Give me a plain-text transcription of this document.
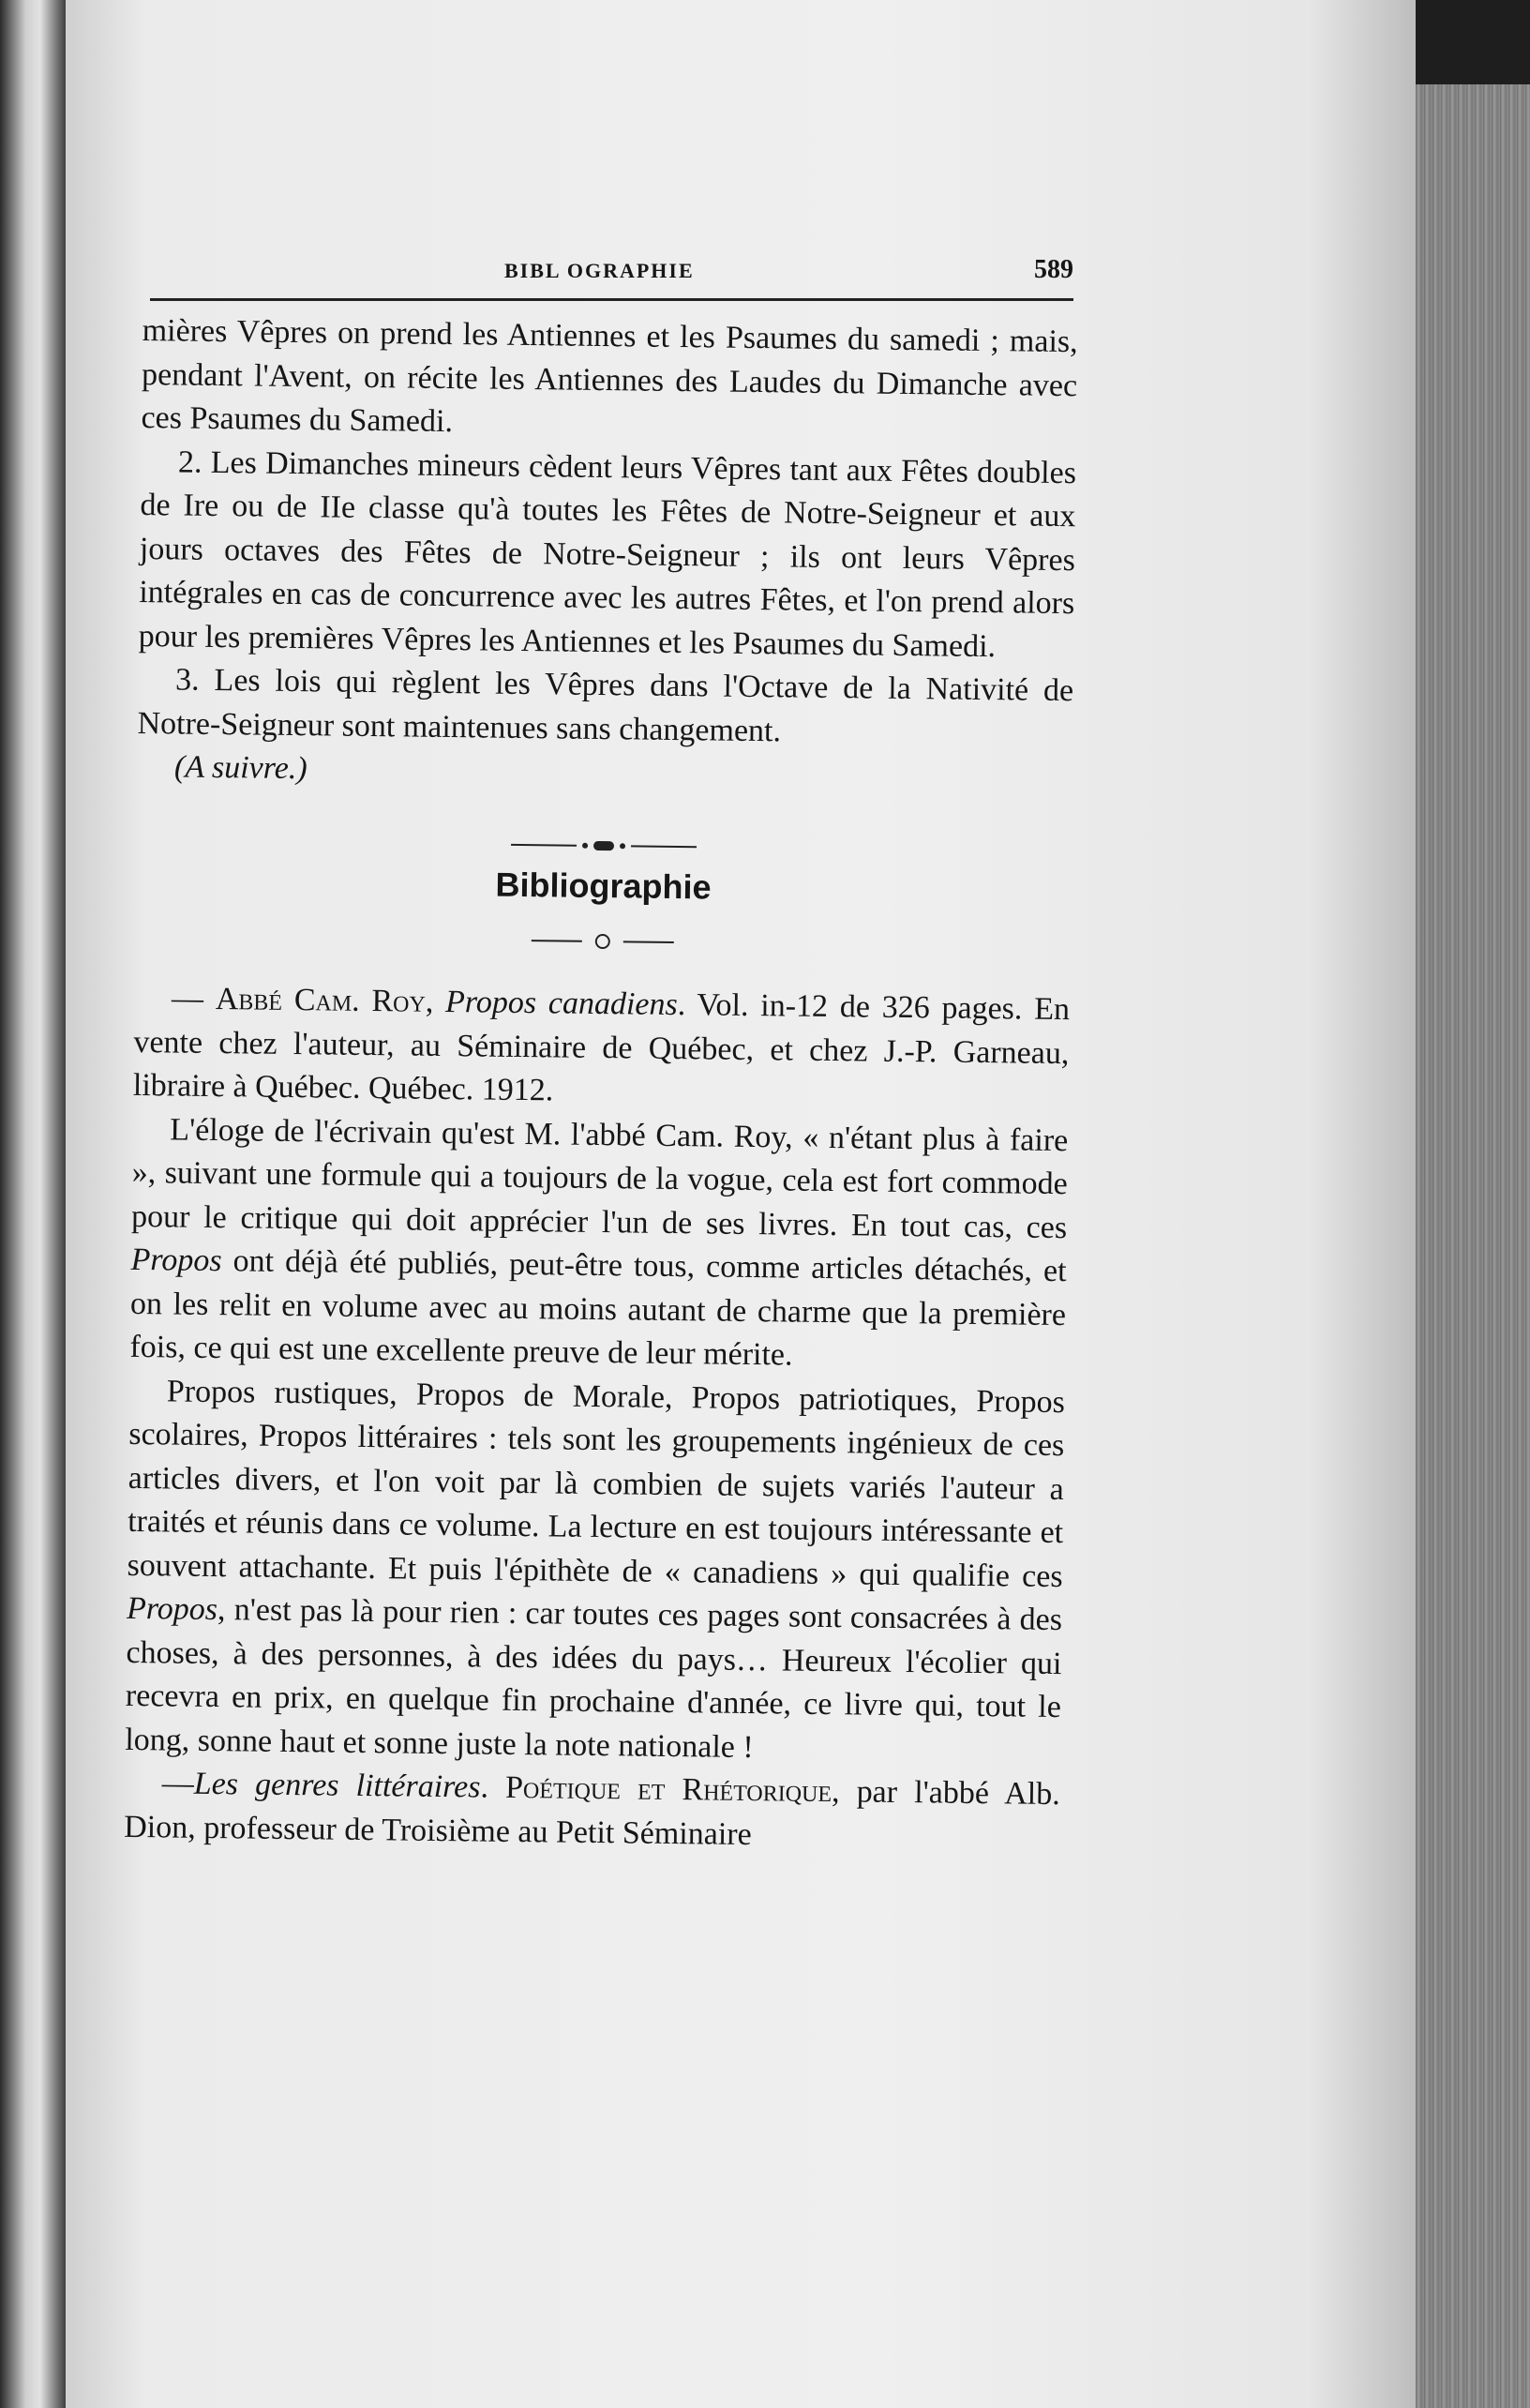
BIBL OGRAPHIE	589

mières Vêpres on prend les Antiennes et les Psaumes du samedi ; mais, pendant l'Avent, on récite les Antiennes des Laudes du Dimanche avec ces Psaumes du Samedi.

2. Les Dimanches mineurs cèdent leurs Vêpres tant aux Fêtes doubles de Ire ou de IIe classe qu'à toutes les Fêtes de Notre-Seigneur et aux jours octaves des Fêtes de Notre-Seigneur ; ils ont leurs Vêpres intégrales en cas de concurrence avec les autres Fêtes, et l'on prend alors pour les premières Vêpres les Antiennes et les Psaumes du Samedi.

3. Les lois qui règlent les Vêpres dans l'Octave de la Nativité de Notre-Seigneur sont maintenues sans changement.

(A suivre.)

Bibliographie

— Abbé Cam. Roy, Propos canadiens. Vol. in-12 de 326 pages. En vente chez l'auteur, au Séminaire de Québec, et chez J.-P. Garneau, libraire à Québec. Québec. 1912.

L'éloge de l'écrivain qu'est M. l'abbé Cam. Roy, « n'étant plus à faire », suivant une formule qui a toujours de la vogue, cela est fort commode pour le critique qui doit apprécier l'un de ses livres. En tout cas, ces Propos ont déjà été publiés, peut-être tous, comme articles détachés, et on les relit en volume avec au moins autant de charme que la première fois, ce qui est une excellente preuve de leur mérite.

Propos rustiques, Propos de Morale, Propos patriotiques, Propos scolaires, Propos littéraires : tels sont les groupements ingénieux de ces articles divers, et l'on voit par là combien de sujets variés l'auteur a traités et réunis dans ce volume. La lecture en est toujours intéressante et souvent attachante. Et puis l'épithète de « canadiens » qui qualifie ces Propos, n'est pas là pour rien : car toutes ces pages sont consacrées à des choses, à des personnes, à des idées du pays… Heureux l'écolier qui recevra en prix, en quelque fin prochaine d'année, ce livre qui, tout le long, sonne haut et sonne juste la note nationale !

—Les genres littéraires. Poétique et Rhétorique, par l'abbé Alb. Dion, professeur de Troisième au Petit Séminaire
